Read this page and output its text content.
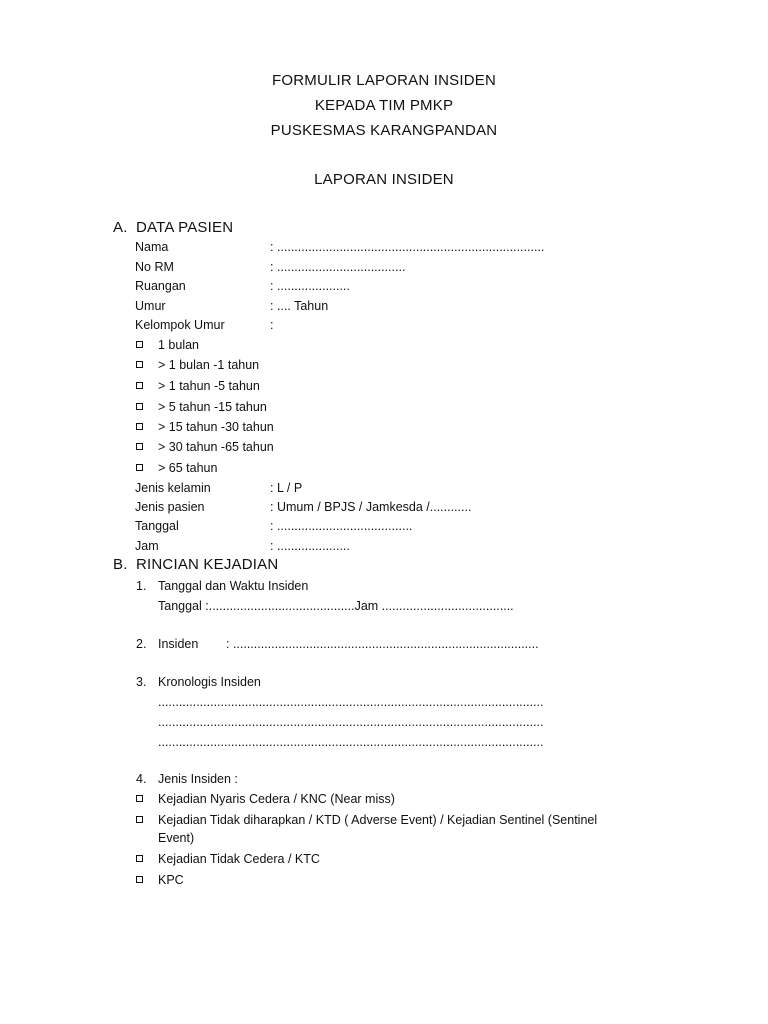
FORMULIR LAPORAN INSIDEN
KEPADA TIM PMKP
PUSKESMAS KARANGPANDAN
LAPORAN INSIDEN
A. DATA PASIEN
Nama	: .............................................................................
No RM	: .....................................
Ruangan	: .....................
Umur	: .... Tahun
Kelompok Umur	:
1 bulan
> 1 bulan -1 tahun
> 1 tahun -5 tahun
> 5 tahun -15 tahun
> 15 tahun -30 tahun
> 30 tahun -65 tahun
> 65 tahun
Jenis kelamin	: L / P
Jenis pasien	: Umum / BPJS / Jamkesda /............
Tanggal	: .......................................
Jam	: .....................
B. RINCIAN KEJADIAN
1. Tanggal dan Waktu Insiden
Tanggal :..........................................Jam ......................................
2. Insiden : ........................................................................................
3. Kronologis Insiden
...............................................................................................................
...............................................................................................................
...............................................................................................................
4. Jenis Insiden :
Kejadian Nyaris Cedera / KNC (Near miss)
Kejadian Tidak diharapkan / KTD ( Adverse Event) / Kejadian Sentinel (Sentinel
Event)
Kejadian Tidak Cedera / KTC
KPC
